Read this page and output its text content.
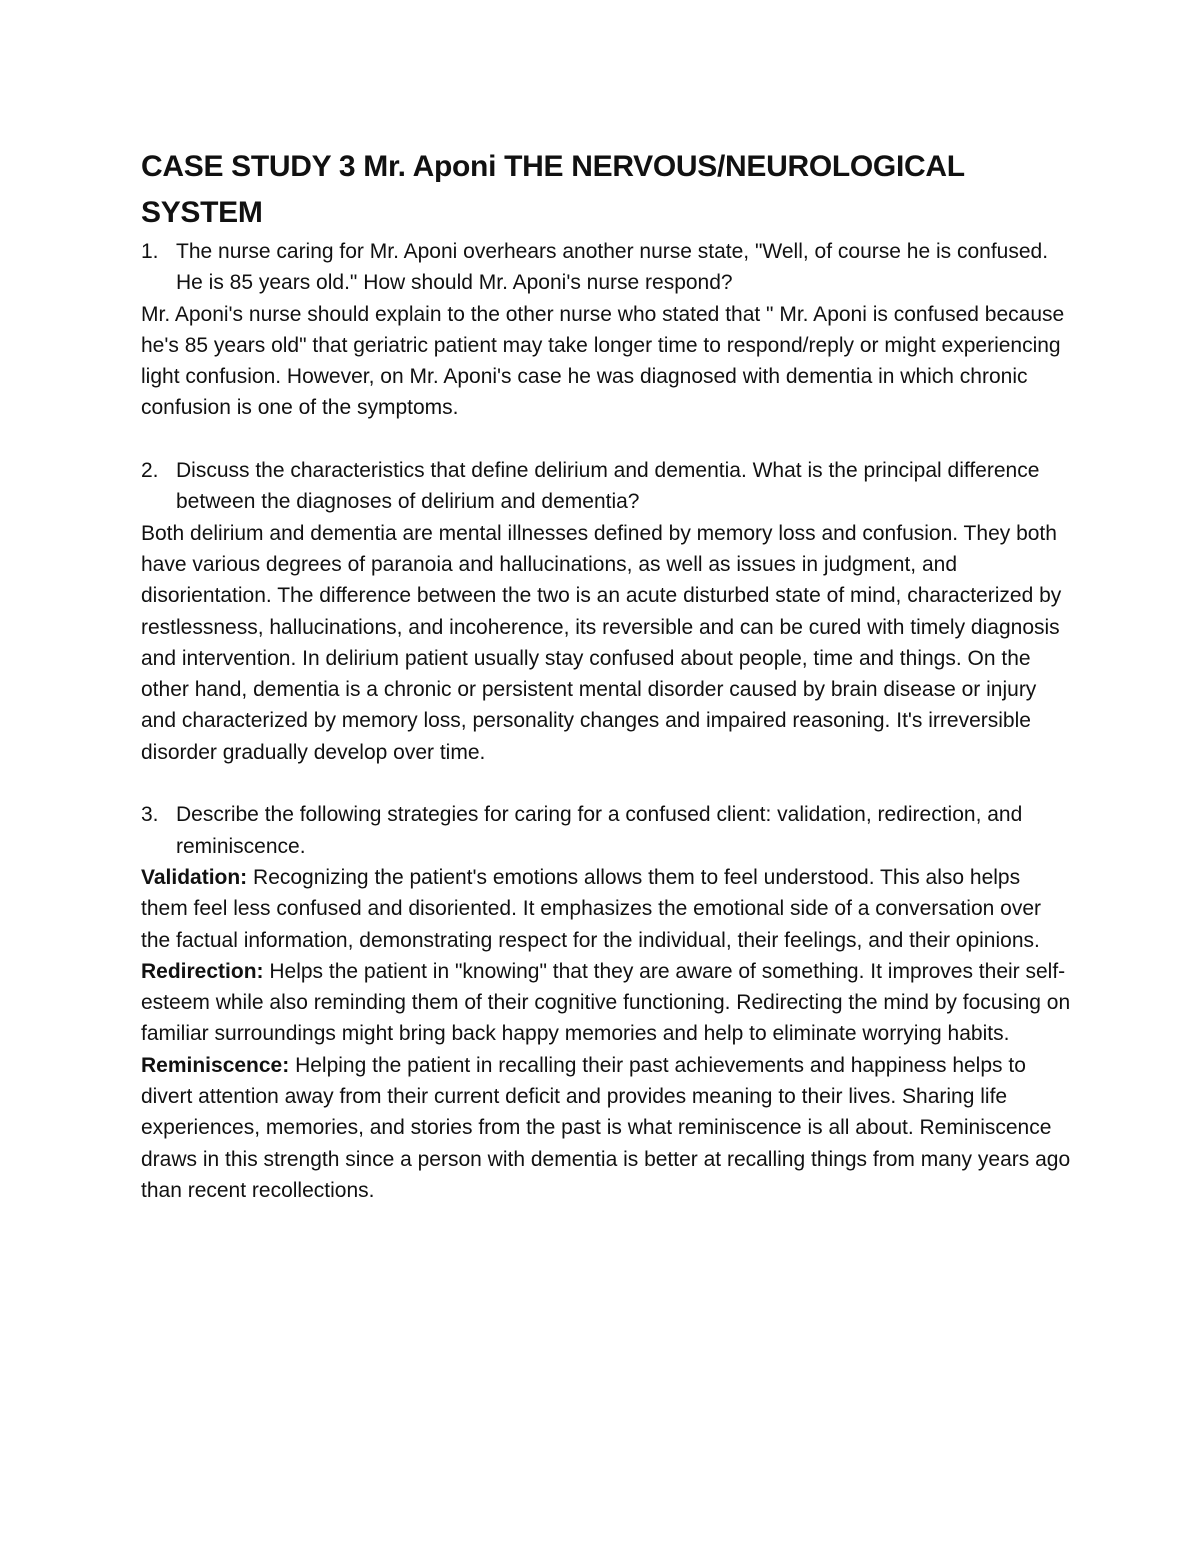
CASE STUDY 3 Mr. Aponi THE NERVOUS/NEUROLOGICAL SYSTEM
1. The nurse caring for Mr. Aponi overhears another nurse state, "Well, of course he is confused. He is 85 years old." How should Mr. Aponi's nurse respond?

Mr. Aponi's nurse should explain to the other nurse who stated that " Mr. Aponi is confused because he's 85 years old" that geriatric patient may take longer time to respond/reply or might experiencing light confusion. However, on Mr. Aponi's case he was diagnosed with dementia in which chronic confusion is one of the symptoms.

2. Discuss the characteristics that define delirium and dementia. What is the principal difference between the diagnoses of delirium and dementia?

Both delirium and dementia are mental illnesses defined by memory loss and confusion. They both have various degrees of paranoia and hallucinations, as well as issues in judgment, and disorientation. The difference between the two is an acute disturbed state of mind, characterized by restlessness, hallucinations, and incoherence, its reversible and can be cured with timely diagnosis and intervention. In delirium patient usually stay confused about people, time and things. On the other hand, dementia is a chronic or persistent mental disorder caused by brain disease or injury and characterized by memory loss, personality changes and impaired reasoning. It's irreversible disorder gradually develop over time.

3. Describe the following strategies for caring for a confused client: validation, redirection, and reminiscence.

Validation: Recognizing the patient's emotions allows them to feel understood. This also helps them feel less confused and disoriented. It emphasizes the emotional side of a conversation over the factual information, demonstrating respect for the individual, their feelings, and their opinions.

Redirection: Helps the patient in "knowing" that they are aware of something. It improves their self-esteem while also reminding them of their cognitive functioning. Redirecting the mind by focusing on familiar surroundings might bring back happy memories and help to eliminate worrying habits.

Reminiscence: Helping the patient in recalling their past achievements and happiness helps to divert attention away from their current deficit and provides meaning to their lives. Sharing life experiences, memories, and stories from the past is what reminiscence is all about. Reminiscence draws in this strength since a person with dementia is better at recalling things from many years ago than recent recollections.
